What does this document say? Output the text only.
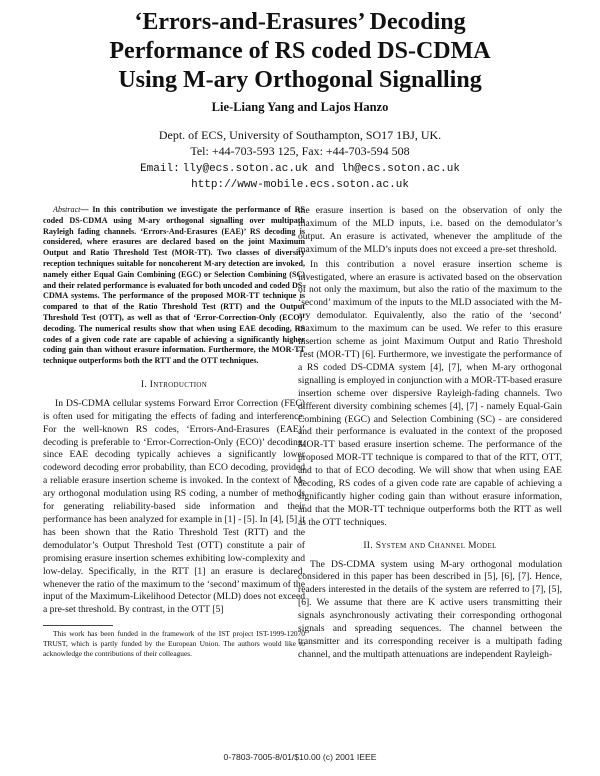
‘Errors-and-Erasures’ Decoding
Performance of RS coded DS-CDMA
Using M-ary Orthogonal Signalling
Lie-Liang Yang and Lajos Hanzo
Dept. of ECS, University of Southampton, SO17 1BJ, UK.
Tel: +44-703-593 125, Fax: +44-703-594 508
Email: lly@ecs.soton.ac.uk and lh@ecs.soton.ac.uk
http://www-mobile.ecs.soton.ac.uk
Abstract— In this contribution we investigate the performance of RS coded DS-CDMA using M-ary orthogonal signalling over multipath Rayleigh fading channels. ‘Errors-And-Erasures (EAE)’ RS decoding is considered, where erasures are declared based on the joint Maximum Output and Ratio Threshold Test (MOR-TT). Two classes of diversity reception techniques suitable for noncoherent M-ary detection are invoked, namely either Equal Gain Combining (EGC) or Selection Combining (SC) and their related performance is evaluated for both uncoded and coded DS-CDMA systems. The performance of the proposed MOR-TT technique is compared to that of the Ratio Threshold Test (RTT) and the Output Threshold Test (OTT), as well as that of ‘Error-Correction-Only (ECO)’ decoding. The numerical results show that when using EAE decoding, RS codes of a given code rate are capable of achieving a significantly higher coding gain than without erasure information. Furthermore, the MOR-TT technique outperforms both the RTT and the OTT techniques.
I. Introduction

In DS-CDMA cellular systems Forward Error Correction (FEC) is often used for mitigating the effects of fading and interference. For the well-known RS codes, ‘Errors-And-Erasures (EAE)’ decoding is preferable to ‘Error-Correction-Only (ECO)’ decoding, since EAE decoding typically achieves a significantly lower codeword decoding error probability, than ECO decoding, provided a reliable erasure insertion scheme is invoked. In the context of M-ary orthogonal modulation using RS coding, a number of methods for generating reliability-based side information and their performance has been analyzed for example in [1] - [5]. In [4], [5] it has been shown that the Ratio Threshold Test (RTT) and the demodulator’s Output Threshold Test (OTT) constitute a pair of promising erasure insertion schemes exhibiting low-complexity and low-delay. Specifically, in the RTT [1] an erasure is declared, whenever the ratio of the maximum to the ‘second’ maximum of the input of the Maximum-Likelihood Detector (MLD) does not exceed a pre-set threshold. By contrast, in the OTT [5]

This work has been funded in the framework of the IST project IST-1999-12070 TRUST, which is partly funded by the European Union. The authors would like to acknowledge the contributions of their colleagues.

the erasure insertion is based on the observation of only the maximum of the MLD inputs, i.e. based on the demodulator’s output. An erasure is activated, whenever the amplitude of the maximum of the MLD’s inputs does not exceed a pre-set threshold.

In this contribution a novel erasure insertion scheme is investigated, where an erasure is activated based on the observation of not only the maximum, but also the ratio of the maximum to the ‘second’ maximum of the inputs to the MLD associated with the M-ary demodulator. Equivalently, also the ratio of the ‘second’ maximum to the maximum can be used. We refer to this erasure insertion scheme as joint Maximum Output and Ratio Threshold Test (MOR-TT) [6]. Furthermore, we investigate the performance of a RS coded DS-CDMA system [4], [7], when M-ary orthogonal signalling is employed in conjunction with a MOR-TT-based erasure insertion scheme over dispersive Rayleigh-fading channels. Two different diversity combining schemes [4], [7] - namely Equal-Gain Combining (EGC) and Selection Combining (SC) - are considered and their performance is evaluated in the context of the proposed MOR-TT based erasure insertion scheme. The performance of the proposed MOR-TT technique is compared to that of the RTT, OTT, and to that of ECO decoding. We will show that when using EAE decoding, RS codes of a given code rate are capable of achieving a significantly higher coding gain than without erasure information, and that the MOR-TT technique outperforms both the RTT as well as the OTT techniques.

II. System and Channel Model

The DS-CDMA system using M-ary orthogonal modulation considered in this paper has been described in [5], [6], [7]. Hence, readers interested in the details of the system are referred to [7], [5], [6]. We assume that there are K active users transmitting their signals asynchronously activating their corresponding orthogonal signals and spreading sequences. The channel between the transmitter and its corresponding receiver is a multipath fading channel, and the multipath attenuations are independent Rayleigh-

0-7803-7005-8/01/$10.00 (c) 2001 IEEE
